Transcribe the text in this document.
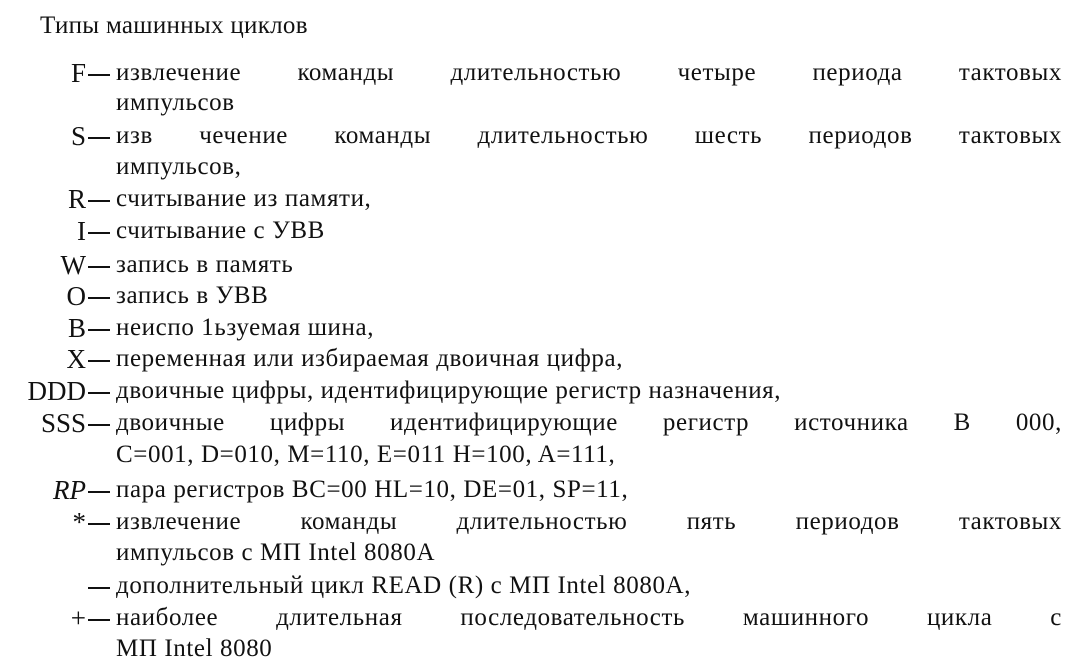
Типы машинных циклов
F извлечение команды длительностью четыре периода тактовых
импульсов
S изв чечение команды длительностью шесть периодов тактовых
импульсов,
R считывание из памяти,
I считывание с УВВ
W запись в память
O запись в УВВ
B неиспо 1ьзуемая шина,
X переменная или избираемая двоичная цифра,
DDD двоичные цифры, идентифицирующие регистр назначения,
SSS двоичные цифры идентифицирующие регистр источника В 000,
С=001, D=010, M=110, E=011 H=100, A=111,
RP пара регистров BC=00 HL=10, DE=01, SP=11,
* извлечение команды длительностью пять периодов тактовых
импульсов с МП Intel 8080A
дополнительный цикл READ (R) с МП Intel 8080A,
+ наиболее длительная последовательность машинного цикла с
МП Intel 8080
